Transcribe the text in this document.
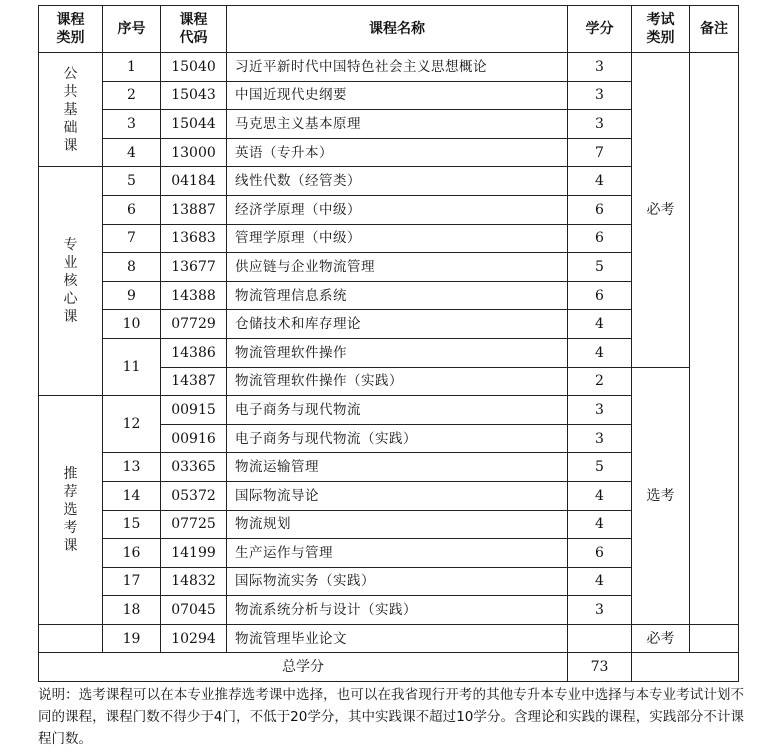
课程类别	序号	课程代码	课程名称	学分	考试类别	备注
公共基础课	1	15040	习近平新时代中国特色社会主义思想概论	3	必考	
	2	15043	中国近现代史纲要	3		
	3	15044	马克思主义基本原理	3		
	4	13000	英语（专升本）	7		
专业核心课	5	04184	线性代数（经管类）	4		
	6	13887	经济学原理（中级）	6		
	7	13683	管理学原理（中级）	6		
	8	13677	供应链与企业物流管理	5		
	9	14388	物流管理信息系统	6		
	10	07729	仓储技术和库存理论	4		
	11	14386	物流管理软件操作	4		
		14387	物流管理软件操作（实践）	2	选考	
推荐选考课	12	00915	电子商务与现代物流	3		
		00916	电子商务与现代物流（实践）	3		
	13	03365	物流运输管理	5		
	14	05372	国际物流导论	4		
	15	07725	物流规划	4		
	16	14199	生产运作与管理	6		
	17	14832	国际物流实务（实践）	4		
	18	07045	物流系统分析与设计（实践）	3		
	19	10294	物流管理毕业论文		必考	
总学分				73		
说明：选考课程可以在本专业推荐选考课中选择，也可以在我省现行开考的其他专升本专业中选择与本专业考试计划不同的课程，课程门数不得少于4门，不低于20学分，其中实践课不超过10学分。含理论和实践的课程，实践部分不计课程门数。
